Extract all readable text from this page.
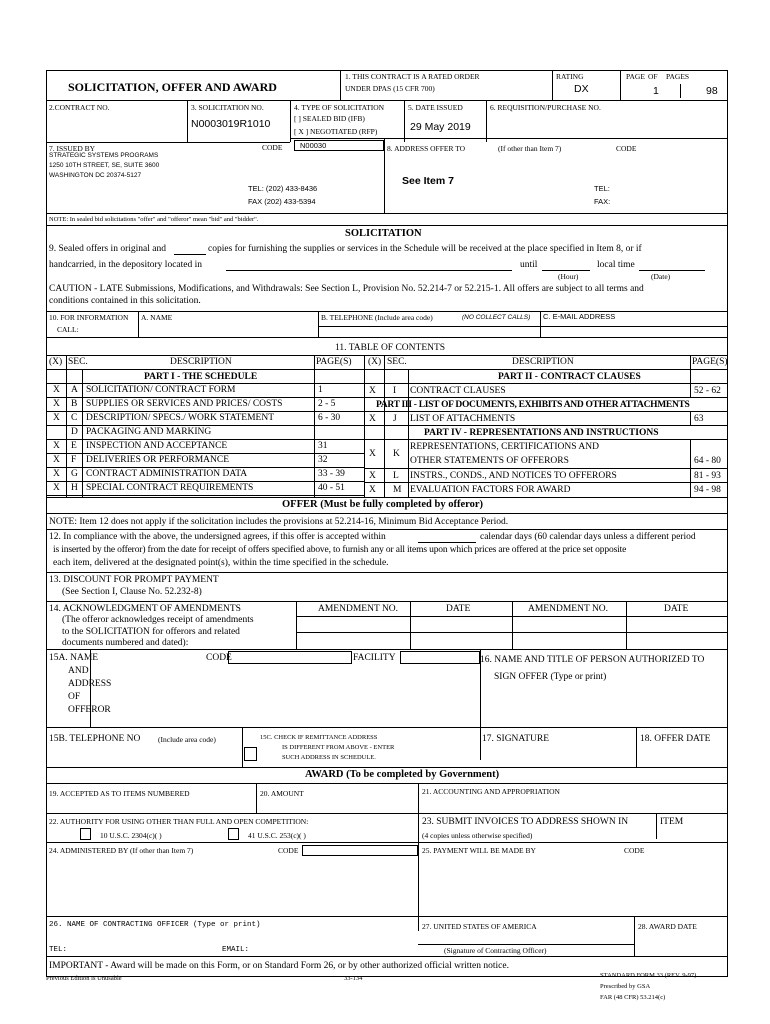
SOLICITATION, OFFER AND AWARD
1. THIS CONTRACT IS A RATED ORDER
UNDER DPAS (15 CFR 700)
RATING
DX
PAGE OF PAGES
1	98
2.CONTRACT NO.	3. SOLICITATION NO.
N0003019R1010
4. TYPE OF SOLICITATION
[ ] SEALED BID (IFB)
[ X ] NEGOTIATED (RFP)
5. DATE ISSUED
29 May 2019
6. REQUISITION/PURCHASE NO.
7. ISSUED BY	CODE N00030
STRATEGIC SYSTEMS PROGRAMS
1250 10TH STREET, SE, SUITE 3600
WASHINGTON DC 20374-5127
TEL: (202) 433-8436
FAX (202) 433-5394
8. ADDRESS OFFER TO	(If other than Item 7)	CODE
See Item 7
TEL:
FAX:
NOTE: In sealed bid solicitations "offer" and "offeror" mean "bid" and "bidder".
SOLICITATION
9. Sealed offers in original and	copies for furnishing the supplies or services in the Schedule will be received at the place specified in Item 8, or if
handcarried, in the depository located in	until	local time
(Hour)	(Date)
CAUTION - LATE Submissions, Modifications, and Withdrawals: See Section L, Provision No. 52.214-7 or 52.215-1. All offers are subject to all terms and
conditions contained in this solicitation.
10. FOR INFORMATION
CALL:
A. NAME	B. TELEPHONE (Include area code)	(NO COLLECT CALLS) C. E-MAIL ADDRESS
11. TABLE OF CONTENTS
(X) SEC.	DESCRIPTION	PAGE(S) (X) SEC.	DESCRIPTION	PAGE(S)
PART I - THE SCHEDULE	PART II - CONTRACT CLAUSES
X A SOLICITATION/ CONTRACT FORM	1
X B SUPPLIES OR SERVICES AND PRICES/ COSTS	2 - 5
X C DESCRIPTION/ SPECS./ WORK STATEMENT	6 - 30
D PACKAGING AND MARKING
X E INSPECTION AND ACCEPTANCE	31
X F DELIVERIES OR PERFORMANCE	32
X G CONTRACT ADMINISTRATION DATA	33 - 39
X H SPECIAL CONTRACT REQUIREMENTS	40 - 51
X I CONTRACT CLAUSES	52 - 62
PART III - LIST OF DOCUMENTS, EXHIBITS AND OTHER ATTACHMENTS
X J LIST OF ATTACHMENTS	63
PART IV - REPRESENTATIONS AND INSTRUCTIONS
X K
REPRESENTATIONS, CERTIFICATIONS AND
OTHER STATEMENTS OF OFFERORS	64 - 80
X L INSTRS., CONDS., AND NOTICES TO OFFERORS	81 - 93
X M EVALUATION FACTORS FOR AWARD	94 - 98
OFFER (Must be fully completed by offeror)
NOTE: Item 12 does not apply if the solicitation includes the provisions at 52.214-16, Minimum Bid Acceptance Period.
12. In compliance with the above, the undersigned agrees, if this offer is accepted within	calendar days (60 calendar days unless a different period
is inserted by the offeror) from the date for receipt of offers specified above, to furnish any or all items upon which prices are offered at the price set opposite
each item, delivered at the designated point(s), within the time specified in the schedule.
13. DISCOUNT FOR PROMPT PAYMENT
(See Section I, Clause No. 52.232-8)
14. ACKNOWLEDGMENT OF AMENDMENTS
(The offeror acknowledges receipt of amendments
to the SOLICITATION for offerors and related
documents numbered and dated):
AMENDMENT NO.	DATE	AMENDMENT NO.	DATE
15A. NAME
AND
ADDRESS
OF
OFFEROR
CODE	FACILITY	16. NAME AND TITLE OF PERSON AUTHORIZED TO
SIGN OFFER (Type or print)
15B. TELEPHONE NO (Include area code)	15C. CHECK IF REMITTANCE ADDRESS
IS DIFFERENT FROM ABOVE - ENTER
SUCH ADDRESS IN SCHEDULE.
17. SIGNATURE	18. OFFER DATE
AWARD (To be completed by Government)
19. ACCEPTED AS TO ITEMS NUMBERED	20. AMOUNT	21. ACCOUNTING AND APPROPRIATION
22. AUTHORITY FOR USING OTHER THAN FULL AND OPEN COMPETITION:
10 U.S.C. 2304(c)( )	41 U.S.C. 253(c)( )
23. SUBMIT INVOICES TO ADDRESS SHOWN IN
(4 copies unless otherwise specified)
ITEM
24. ADMINISTERED BY (If other than Item 7)	CODE	25. PAYMENT WILL BE MADE BY	CODE
26. NAME OF CONTRACTING OFFICER (Type or print)
TEL:	EMAIL:
27. UNITED STATES OF AMERICA
(Signature of Contracting Officer)
28. AWARD DATE
IMPORTANT - Award will be made on this Form, or on Standard Form 26, or by other authorized official written notice.
Previous Edition is Unusable	33-134	STANDARD FORM 33 (REV. 9-97)
Prescribed by GSA
FAR (48 CFR) 53.214(c)
